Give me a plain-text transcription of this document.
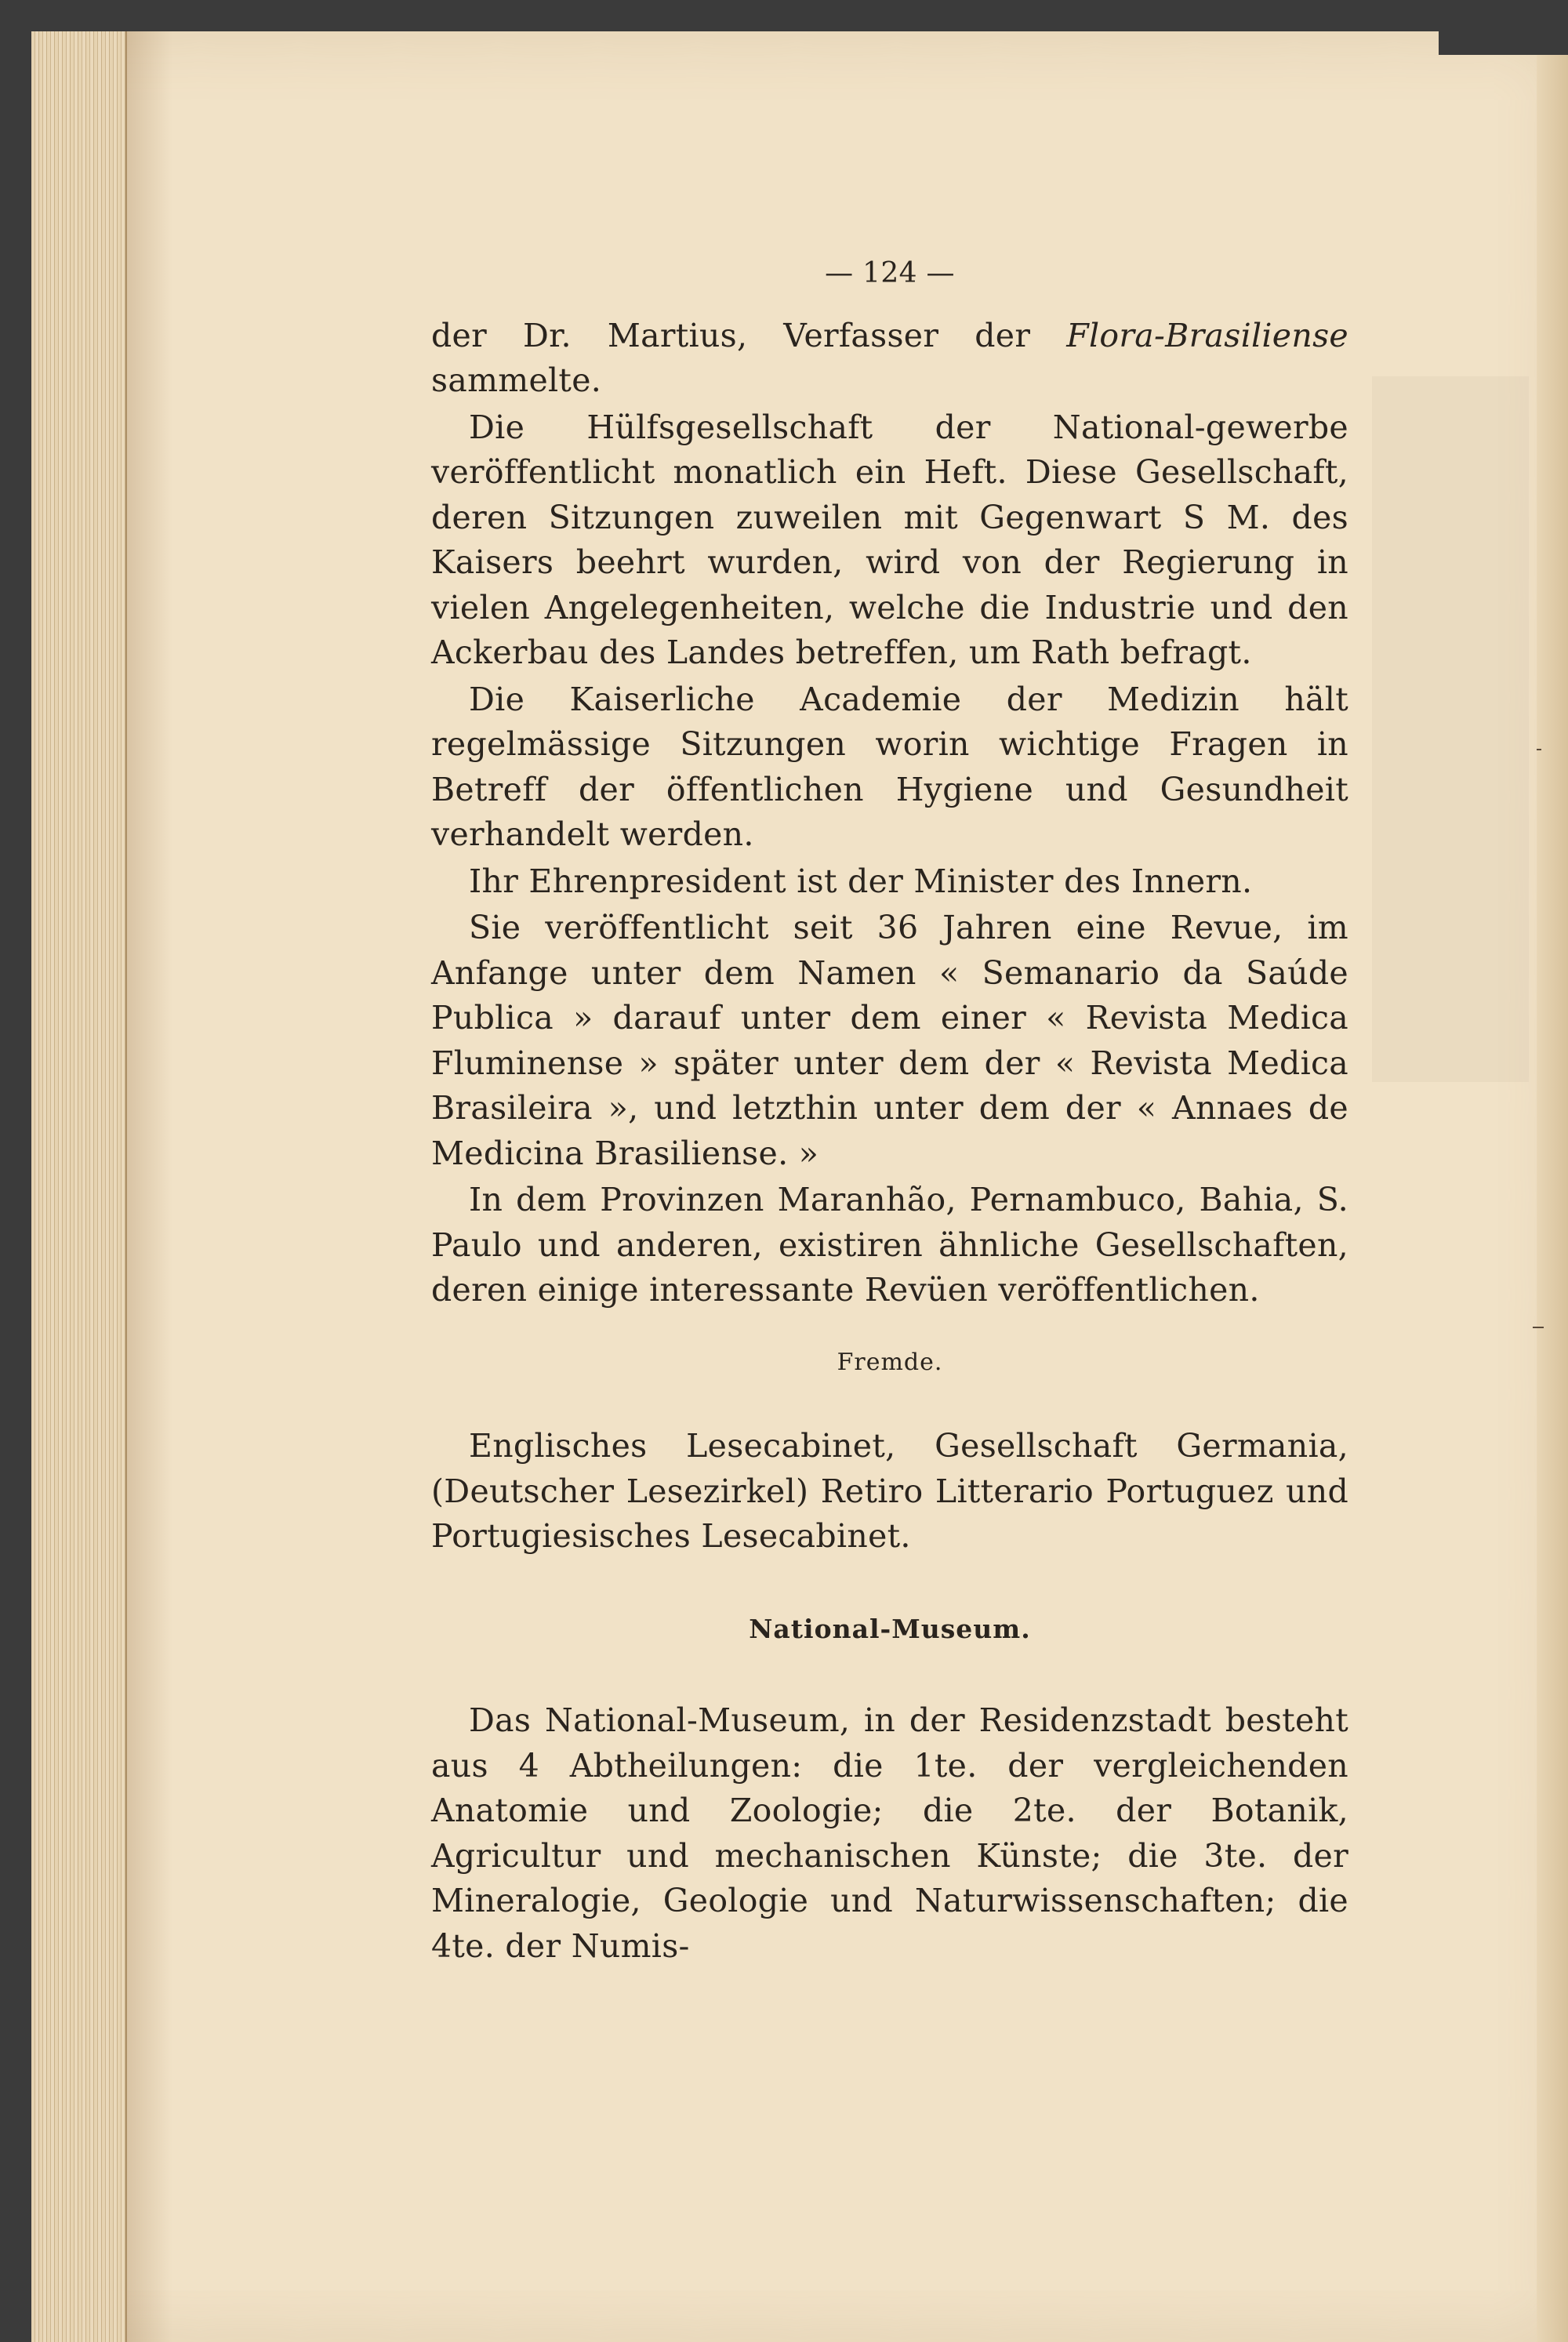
— 124 —

der Dr. Martius, Verfasser der Flora-Brasiliense sammelte.

Die Hülfsgesellschaft der National-gewerbe veröffentlicht monatlich ein Heft. Diese Gesellschaft, deren Sitzungen zuweilen mit Gegenwart S M. des Kaisers beehrt wurden, wird von der Regierung in vielen Angelegenheiten, welche die Industrie und den Ackerbau des Landes betreffen, um Rath befragt.

Die Kaiserliche Academie der Medizin hält regelmässige Sitzungen worin wichtige Fragen in Betreff der öffentlichen Hygiene und Gesundheit verhandelt werden.

Ihr Ehrenpresident ist der Minister des Innern.

Sie veröffentlicht seit 36 Jahren eine Revue, im Anfange unter dem Namen « Semanario da Saúde Publica » darauf unter dem einer « Revista Medica Fluminense » später unter dem der « Revista Medica Brasileira », und letzthin unter dem der « Annaes de Medicina Brasiliense. »

In dem Provinzen Maranhão, Pernambuco, Bahia, S. Paulo und anderen, existiren ähnliche Gesellschaften, deren einige interessante Revüen veröffentlichen.

Fremde.

Englisches Lesecabinet, Gesellschaft Germania, (Deutscher Lesezirkel) Retiro Litterario Portuguez und Portugiesisches Lesecabinet.

National-Museum.

Das National-Museum, in der Residenzstadt besteht aus 4 Abtheilungen: die 1te. der vergleichenden Anatomie und Zoologie; die 2te. der Botanik, Agricultur und mechanischen Künste; die 3te. der Mineralogie, Geologie und Naturwissenschaften; die 4te. der Numis-
